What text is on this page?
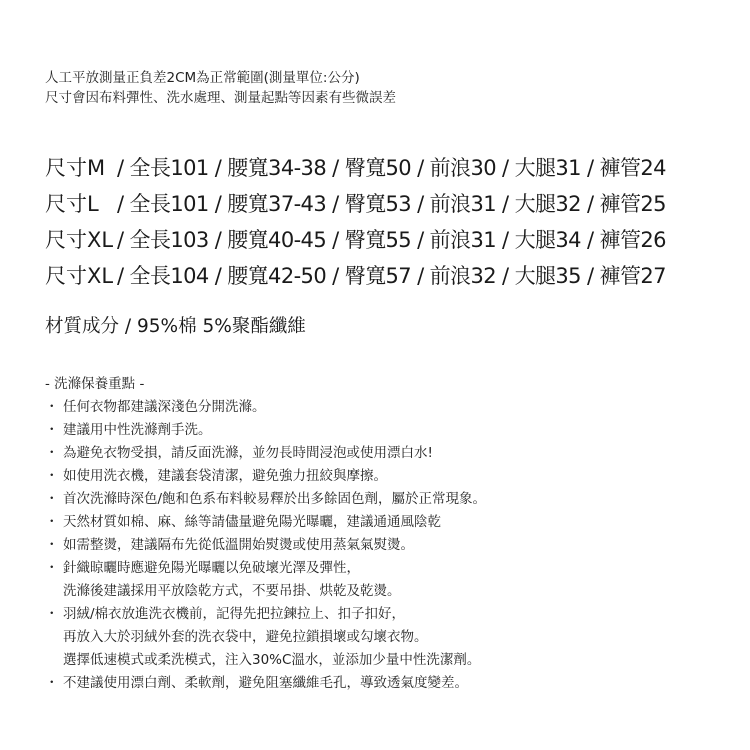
人工平放測量正負差2CM為正常範圍(測量單位:公分)
尺寸會因布料彈性、洗水處理、測量起點等因素有些微誤差
尺寸M / 全長101 / 腰寬34-38 / 臀寬50 / 前浪30 / 大腿31 / 褲管24
尺寸L / 全長101 / 腰寬37-43 / 臀寬53 / 前浪31 / 大腿32 / 褲管25
尺寸XL / 全長103 / 腰寬40-45 / 臀寬55 / 前浪31 / 大腿34 / 褲管26
尺寸XL / 全長104 / 腰寬42-50 / 臀寬57 / 前浪32 / 大腿35 / 褲管27
材質成分 / 95%棉 5%聚酯纖維
- 洗滌保養重點 -
・ 任何衣物都建議深淺色分開洗滌。
・ 建議用中性洗滌劑手洗。
・ 為避免衣物受損，請反面洗滌，並勿長時間浸泡或使用漂白水!
・ 如使用洗衣機，建議套袋清潔，避免強力扭絞與摩擦。
・ 首次洗滌時深色/飽和色系布料較易釋於出多餘固色劑，屬於正常現象。
・ 天然材質如棉、麻、絲等請儘量避免陽光曝曬，建議通通風陰乾
・ 如需整燙，建議隔布先從低溫開始熨燙或使用蒸氣氣熨燙。
・ 針織晾曬時應避免陽光曝曬以免破壞光澤及彈性，
洗滌後建議採用平放陰乾方式，不要吊掛、烘乾及乾燙。
・ 羽絨/棉衣放進洗衣機前，記得先把拉鍊拉上、扣子扣好，
再放入大於羽絨外套的洗衣袋中，避免拉鎖損壞或勾壞衣物。
選擇低速模式或柔洗模式，注入30%C溫水，並添加少量中性洗潔劑。
・ 不建議使用漂白劑、柔軟劑，避免阻塞纖維毛孔，導致透氣度變差。
